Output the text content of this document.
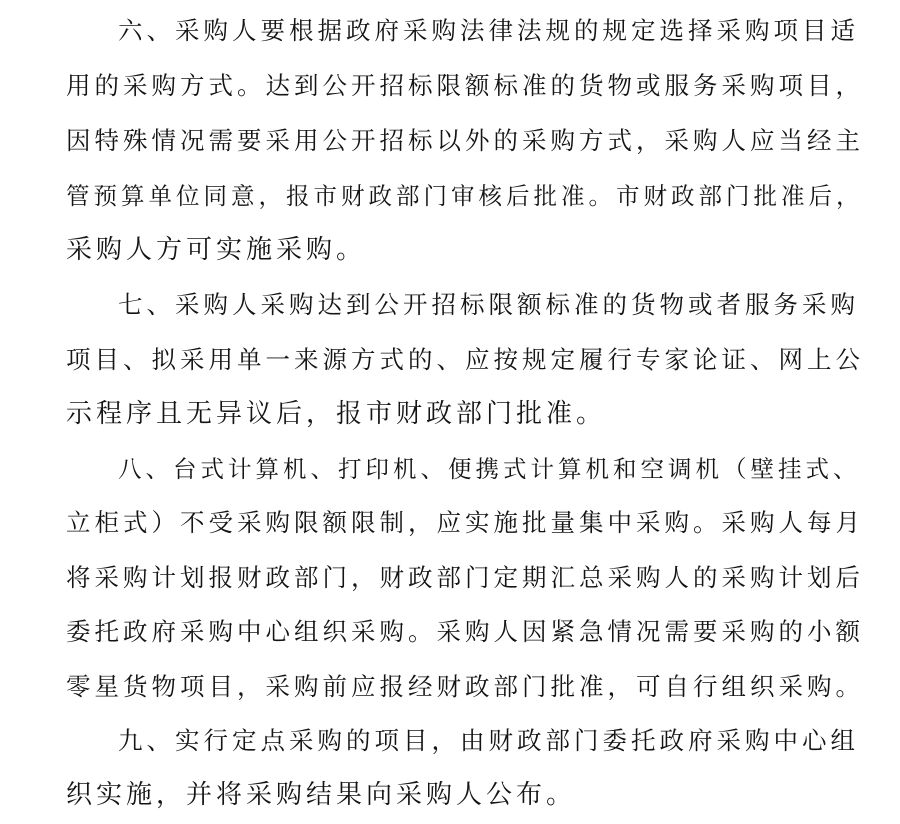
六、采购人要根据政府采购法律法规的规定选择采购项目适
用的采购方式。达到公开招标限额标准的货物或服务采购项目，
因特殊情况需要采用公开招标以外的采购方式，采购人应当经主
管预算单位同意，报市财政部门审核后批准。市财政部门批准后，
采购人方可实施采购。
七、采购人采购达到公开招标限额标准的货物或者服务采购
项目、拟采用单一来源方式的、应按规定履行专家论证、网上公
示程序且无异议后，报市财政部门批准。
八、台式计算机、打印机、便携式计算机和空调机（壁挂式、
立柜式）不受采购限额限制，应实施批量集中采购。采购人每月
将采购计划报财政部门，财政部门定期汇总采购人的采购计划后
委托政府采购中心组织采购。采购人因紧急情况需要采购的小额
零星货物项目，采购前应报经财政部门批准，可自行组织采购。
九、实行定点采购的项目，由财政部门委托政府采购中心组
织实施，并将采购结果向采购人公布。
